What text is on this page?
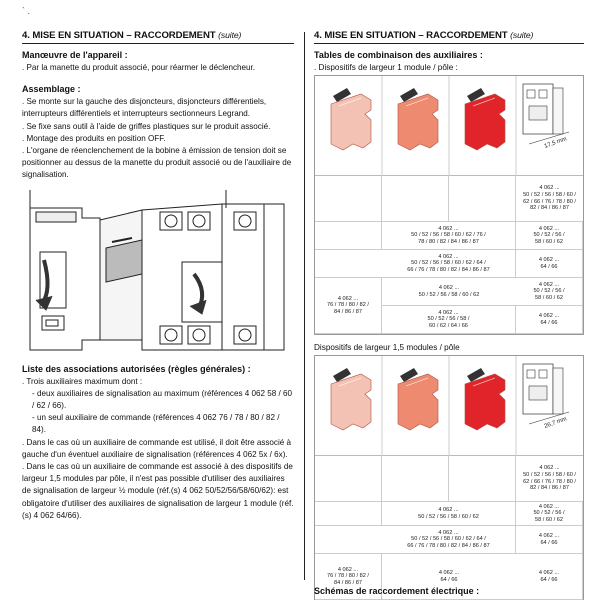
` .
4. MISE EN SITUATION – RACCORDEMENT (suite)
Manœuvre de l'appareil :

. Par la manette du produit associé, pour réarmer le déclencheur.

Assemblage :

. Se monte sur la gauche des disjoncteurs, disjoncteurs différentiels, interrupteurs différentiels et interrupteurs sectionneurs Legrand.

. Se fixe sans outil à l'aide de griffes plastiques sur le produit associé.

. Montage des produits en position OFF.

. L'organe de réenclenchement de la bobine à émission de tension doit se positionner au dessus de la manette du produit associé ou de l'auxiliaire de signalisation.

Liste des associations autorisées (règles générales) :

. Trois auxiliaires maximum dont :

- deux auxiliaires de signalisation au maximum (références 4 062 58 / 60 / 62 / 66).

- un seul auxiliaire de commande (références 4 062 76 / 78 / 80 / 82 / 84).

. Dans le cas où un auxiliaire de commande est utilisé, il doit être associé à gauche d'un éventuel auxiliaire de signalisation (références 4 062 5x / 6x).

. Dans le cas où un auxiliaire de commande est associé à des dispositifs de largeur 1,5 modules par pôle, il n'est pas possible d'utiliser des auxiliaires de signalisation de largeur ½ module (réf.(s) 4 062 50/52/56/58/60/62): est obligatoire d'utiliser des auxiliaires de signalisation de largeur 1 module (réf.(s) 4 062 64/66).

4. MISE EN SITUATION – RACCORDEMENT (suite)
Tables de combinaison des auxiliaires :
. Dispositifs de largeur 1 module / pôle :
17,5 mm
4 062 ...
50 / 52 / 56 / 58 / 60 /
62 / 66 / 76 / 78 / 80 /
82 / 84 / 86 / 87
4 062 ...
50 / 52 / 56 / 58 / 60 / 62 / 76 /
78 / 80 / 82 / 84 / 86 / 87
4 062 ...
50 / 52 / 56 /
58 / 60 / 62
4 062 ...
50 / 52 / 56 / 58 / 60 / 62 / 64 /
66 / 76 / 78 / 80 / 82 / 84 / 86 / 87
4 062 ...
64 / 66
4 062 ...
76 / 78 / 80 / 82 /
84 / 86 / 87
4 062 ...
50 / 52 / 56 / 58 / 60 / 62
4 062 ...
50 / 52 / 56 /
58 / 60 / 62
4 062 ...
50 / 52 / 56 / 58 /
60 / 62 / 64 / 66
4 062 ...
64 / 66
Dispositifs de largeur 1,5 modules / pôle
26,7 mm
4 062 ...
50 / 52 / 56 / 58 / 60 /
62 / 66 / 76 / 78 / 80 /
82 / 84 / 86 / 87
4 062 ...
50 / 52 / 56 / 58 / 60 / 62
4 062 ...
50 / 52 / 56 /
58 / 60 / 62
4 062 ...
50 / 52 / 56 / 58 / 60 / 62 / 64 /
66 / 76 / 78 / 80 / 82 / 84 / 86 / 87
4 062 ...
64 / 66
4 062 ...
76 / 78 / 80 / 82 /
84 / 86 / 87
4 062 ...
64 / 66
4 062 ...
64 / 66
Schémas de raccordement électrique :
